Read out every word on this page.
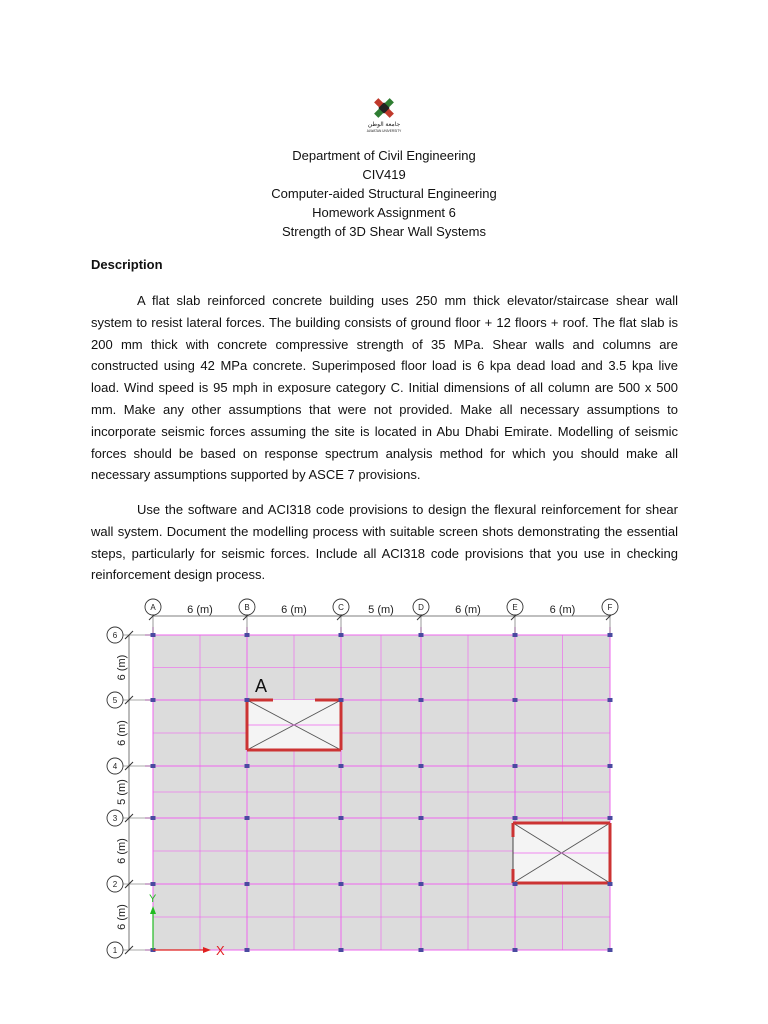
جامعة الوطن
ALWATAN UNIVERSITY
Department of Civil Engineering
CIV419
Computer-aided Structural Engineering
Homework Assignment 6
Strength of 3D Shear Wall Systems
Description

A flat slab reinforced concrete building uses 250 mm thick elevator/staircase shear wall system to resist lateral forces. The building consists of ground floor + 12 floors + roof. The flat slab is 200 mm thick with concrete compressive strength of 35 MPa. Shear walls and columns are constructed using 42 MPa concrete. Superimposed floor load is 6 kpa dead load and 3.5 kpa live load. Wind speed is 95 mph in exposure category C. Initial dimensions of all column are 500 x 500 mm. Make any other assumptions that were not provided. Make all necessary assumptions to incorporate seismic forces assuming the site is located in Abu Dhabi Emirate. Modelling of seismic forces should be based on response spectrum analysis method for which you should make all necessary assumptions supported by ASCE 7 provisions.

Use the software and ACI318 code provisions to design the flexural reinforcement for shear wall system. Document the modelling process with suitable screen shots demonstrating the essential steps, particularly for seismic forces. Include all ACI318 code provisions that you use in checking reinforcement design process.

A	B	C	D	E	F
6 (m)	6 (m)	5 (m)	6 (m)	6 (m)
1
2
3
4
5
6
6 (m)
6 (m)
5 (m)
6 (m)
6 (m)
A
X
Y
